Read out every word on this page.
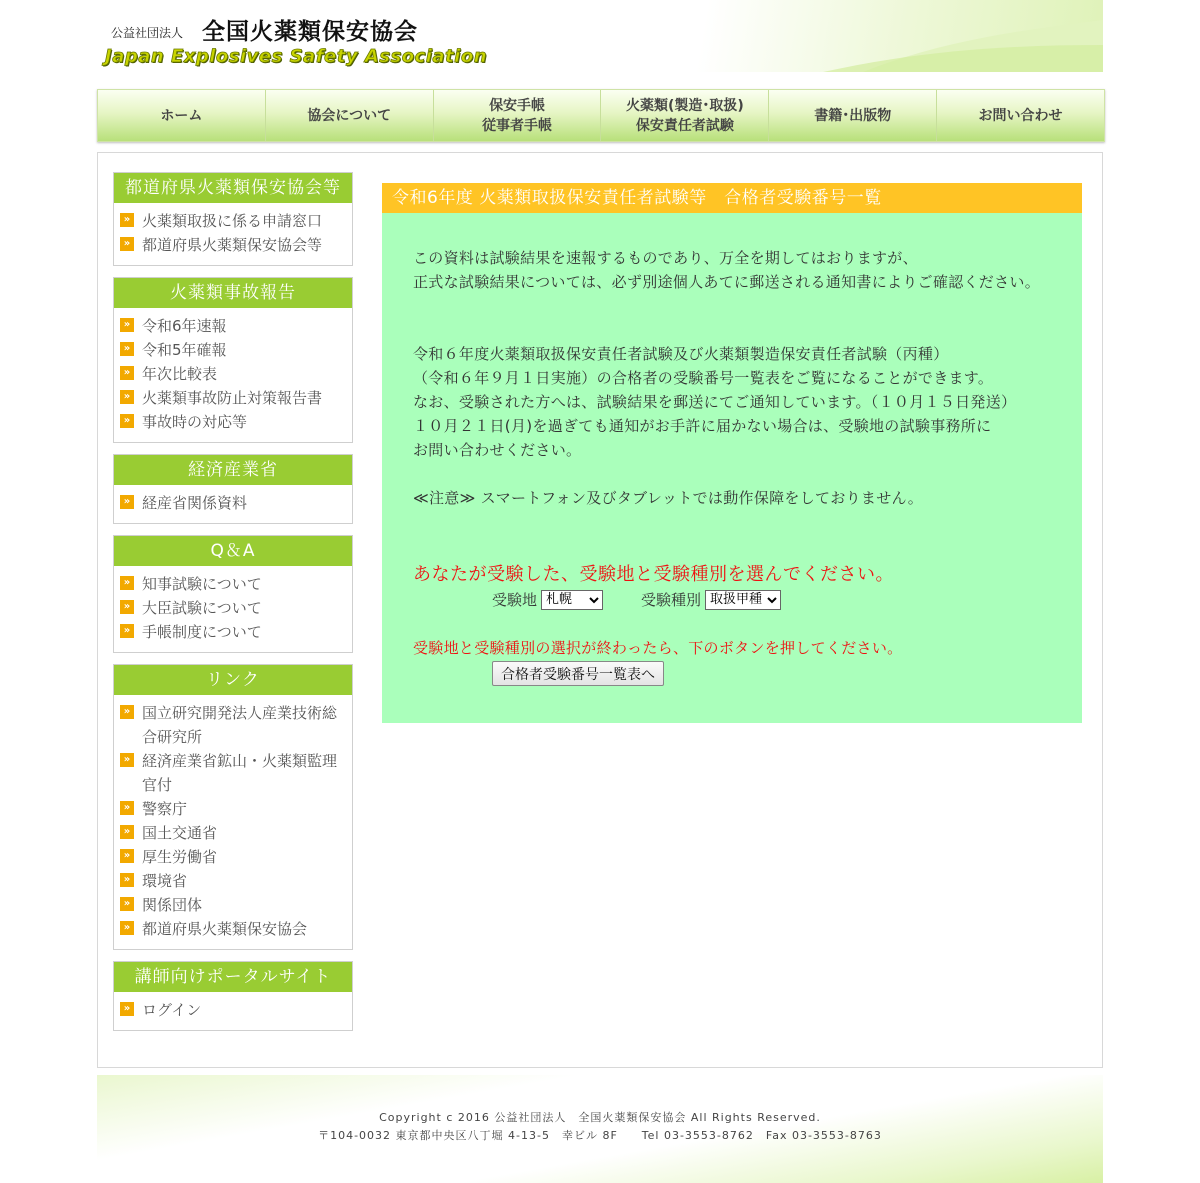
公益社団法人 全国火薬類保安協会
Japan Explosives Safety Association
ホーム	協会について
保安手帳
従事者手帳
火薬類(製造･取扱)
保安責任者試験
書籍･出版物	お問い合わせ
都道府県火薬類保安協会等
» 火薬類取扱に係る申請窓口
» 都道府県火薬類保安協会等
火薬類事故報告
» 令和6年速報
» 令和5年確報
» 年次比較表
» 火薬類事故防止対策報告書
» 事故時の対応等
経済産業省
» 経産省関係資料
Q＆A
» 知事試験について
» 大臣試験について
» 手帳制度について
リンク
» 国立研究開発法人産業技術総合研究所
» 経済産業省鉱山・火薬類監理官付
» 警察庁
» 国土交通省
» 厚生労働省
» 環境省
» 関係団体
» 都道府県火薬類保安協会
講師向けポータルサイト
» ログイン
令和6年度 火薬類取扱保安責任者試験等　合格者受験番号一覧
この資料は試験結果を速報するものであり、万全を期してはおりますが、
正式な試験結果については、必ず別途個人あてに郵送される通知書によりご確認ください。
令和６年度火薬類取扱保安責任者試験及び火薬類製造保安責任者試験（丙種）
（令和６年９月１日実施）の合格者の受験番号一覧表をご覧になることができます。
なお、受験された方へは、試験結果を郵送にてご通知しています。（１０月１５日発送）
１０月２１日(月)を過ぎても通知がお手許に届かない場合は、受験地の試験事務所に
お問い合わせください。
≪注意≫ スマートフォン及びタブレットでは動作保障をしておりません。
あなたが受験した、受験地と受験種別を選んでください。
受験地
札幌	受験種別
取扱甲種
受験地と受験種別の選択が終わったら、下のボタンを押してください。
合格者受験番号一覧表へ
Copyright c 2016 公益社団法人　全国火薬類保安協会 All Rights Reserved.
〒104-0032 東京都中央区八丁堀 4-13-5　幸ビル 8F　　Tel 03-3553-8762　Fax 03-3553-8763
